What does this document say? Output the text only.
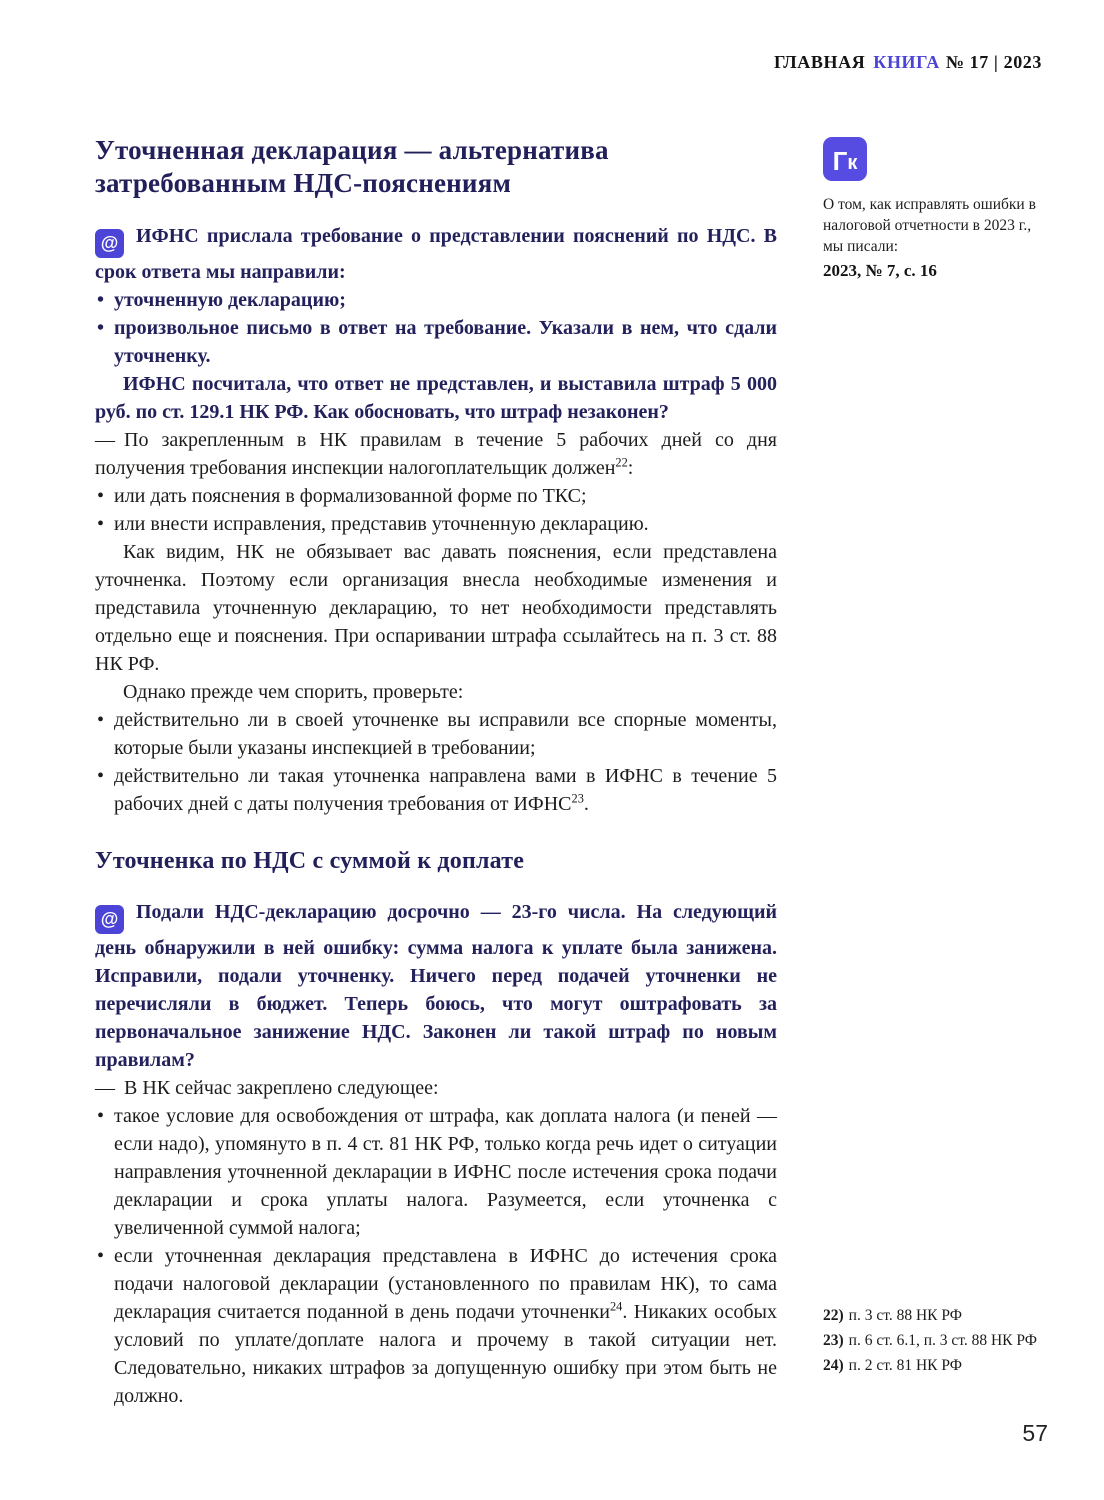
ГЛАВНАЯ КНИГА № 17 | 2023
Уточненная декларация — альтернатива
затребованным НДС-пояснениям

@ ИФНС прислала требование о представлении пояснений по НДС. В срок ответа мы направили:

• уточненную декларацию;

• произвольное письмо в ответ на требование. Указали в нем, что сдали уточненку.

ИФНС посчитала, что ответ не представлен, и выставила штраф 5 000 руб. по ст. 129.1 НК РФ. Как обосновать, что штраф незаконен?

— По закрепленным в НК правилам в течение 5 рабочих дней со дня получения требования инспекции налогоплательщик должен$^{22}$:

• или дать пояснения в формализованной форме по ТКС;

• или внести исправления, представив уточненную декларацию.

Как видим, НК не обязывает вас давать пояснения, если представлена уточненка. Поэтому если организация внесла необходимые изменения и представила уточненную декларацию, то нет необходимости представлять отдельно еще и пояснения. При оспаривании штрафа ссылайтесь на п. 3 ст. 88 НК РФ.

Однако прежде чем спорить, проверьте:

• действительно ли в своей уточненке вы исправили все спорные моменты, которые были указаны инспекцией в требовании;

• действительно ли такая уточненка направлена вами в ИФНС в течение 5 рабочих дней с даты получения требования от ИФНС$^{23}$.

Уточненка по НДС с суммой к доплате

@ Подали НДС-декларацию досрочно — 23-го числа. На следующий день обнаружили в ней ошибку: сумма налога к уплате была занижена. Исправили, подали уточненку. Ничего перед подачей уточненки не перечисляли в бюджет. Теперь боюсь, что могут оштрафовать за первоначальное занижение НДС. Законен ли такой штраф по новым правилам?

— В НК сейчас закреплено следующее:

• такое условие для освобождения от штрафа, как доплата налога (и пеней — если надо), упомянуто в п. 4 ст. 81 НК РФ, только когда речь идет о ситуации направления уточненной декларации в ИФНС после истечения срока подачи декларации и срока уплаты налога. Разумеется, если уточненка с увеличенной суммой налога;

• если уточненная декларация представлена в ИФНС до истечения срока подачи налоговой декларации (установленного по правилам НК), то сама декларация считается поданной в день подачи уточненки$^{24}$. Никаких особых условий по уплате/доплате налога и прочему в такой ситуации нет. Следовательно, никаких штрафов за допущенную ошибку при этом быть не должно.

Г к

О том, как исправлять ошибки в налоговой отчетности в 2023 г., мы писали:

2023, № 7, с. 16

22) п. 3 ст. 88 НК РФ

23) п. 6 ст. 6.1, п. 3 ст. 88 НК РФ

24) п. 2 ст. 81 НК РФ

57
